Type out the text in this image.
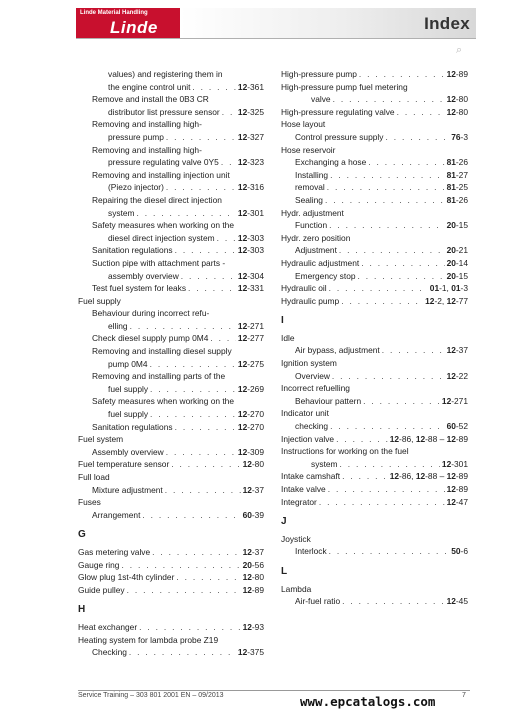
Linde Material Handling
Linde	Index
⌕
values) and registering them in
the engine control unit . . .	12-361
Remove and install the 0B3 CR
distributor list pressure sensor . . . 12-325
Removing and installing high-
pressure pump . . .	12-327
Removing and installing high-
pressure regulating valve 0Y5 . . . 12-323
Removing and installing injection unit
(Piezo injector) . . .	12-316
Repairing the diesel direct injection
system . . .	12-301
Safety measures when working on the
diesel direct injection system . . .	12-303
Sanitation regulations . . .	12-303
Suction pipe with attachment parts -
assembly overview . . .	12-304
Test fuel system for leaks . . .	12-331
Fuel supply
Behaviour during incorrect refu-
elling . . .	12-271
Check diesel supply pump 0M4 . . .	12-277
Removing and installing diesel supply
pump 0M4 . . .	12-275
Removing and installing parts of the
fuel supply . . .	12-269
Safety measures when working on the
fuel supply . . .	12-270
Sanitation regulations . . .	12-270
Fuel system
Assembly overview . . .	12-309
Fuel temperature sensor . . .	12-80
Full load
Mixture adjustment . . .	12-37
Fuses
Arrangement . . .	60-39
G
Gas metering valve . . .	12-37
Gauge ring . . .	20-56
Glow plug 1st-4th cylinder . . .	12-80
Guide pulley . . .	12-89
H
Heat exchanger . . .	12-93
Heating system for lambda probe Z19
Checking . . .	12-375
High-pressure pump . . .	12-89
High-pressure pump fuel metering
valve . . .	12-80
High-pressure regulating valve . . .	12-80
Hose layout
Control pressure supply . . .	76-3
Hose reservoir
Exchanging a hose . . .	81-26
Installing . . .	81-27
removal . . .	81-25
Sealing . . .	81-26
Hydr. adjustment
Function . . .	20-15
Hydr. zero position
Adjustment . . .	20-21
Hydraulic adjustment . . .	20-14
Emergency stop . . .	20-15
Hydraulic oil . . .	01-1, 01-3
Hydraulic pump . . .	12-2, 12-77
I
Idle
Air bypass, adjustment . . .	12-37
Ignition system
Overview . . .	12-22
Incorrect refuelling
Behaviour pattern . . .	12-271
Indicator unit
checking . . .	60-52
Injection valve . . .	12-86, 12-88 – 12-89
Instructions for working on the fuel
system . . .	12-301
Intake camshaft . . .	12-86, 12-88 – 12-89
Intake valve . . .	12-89
Integrator . . .	12-47
J
Joystick
Interlock . . .	50-6
L
Lambda
Air-fuel ratio . . .	12-45
Service Training – 303 801 2001 EN – 09/2013	7
www.epcatalogs.com
